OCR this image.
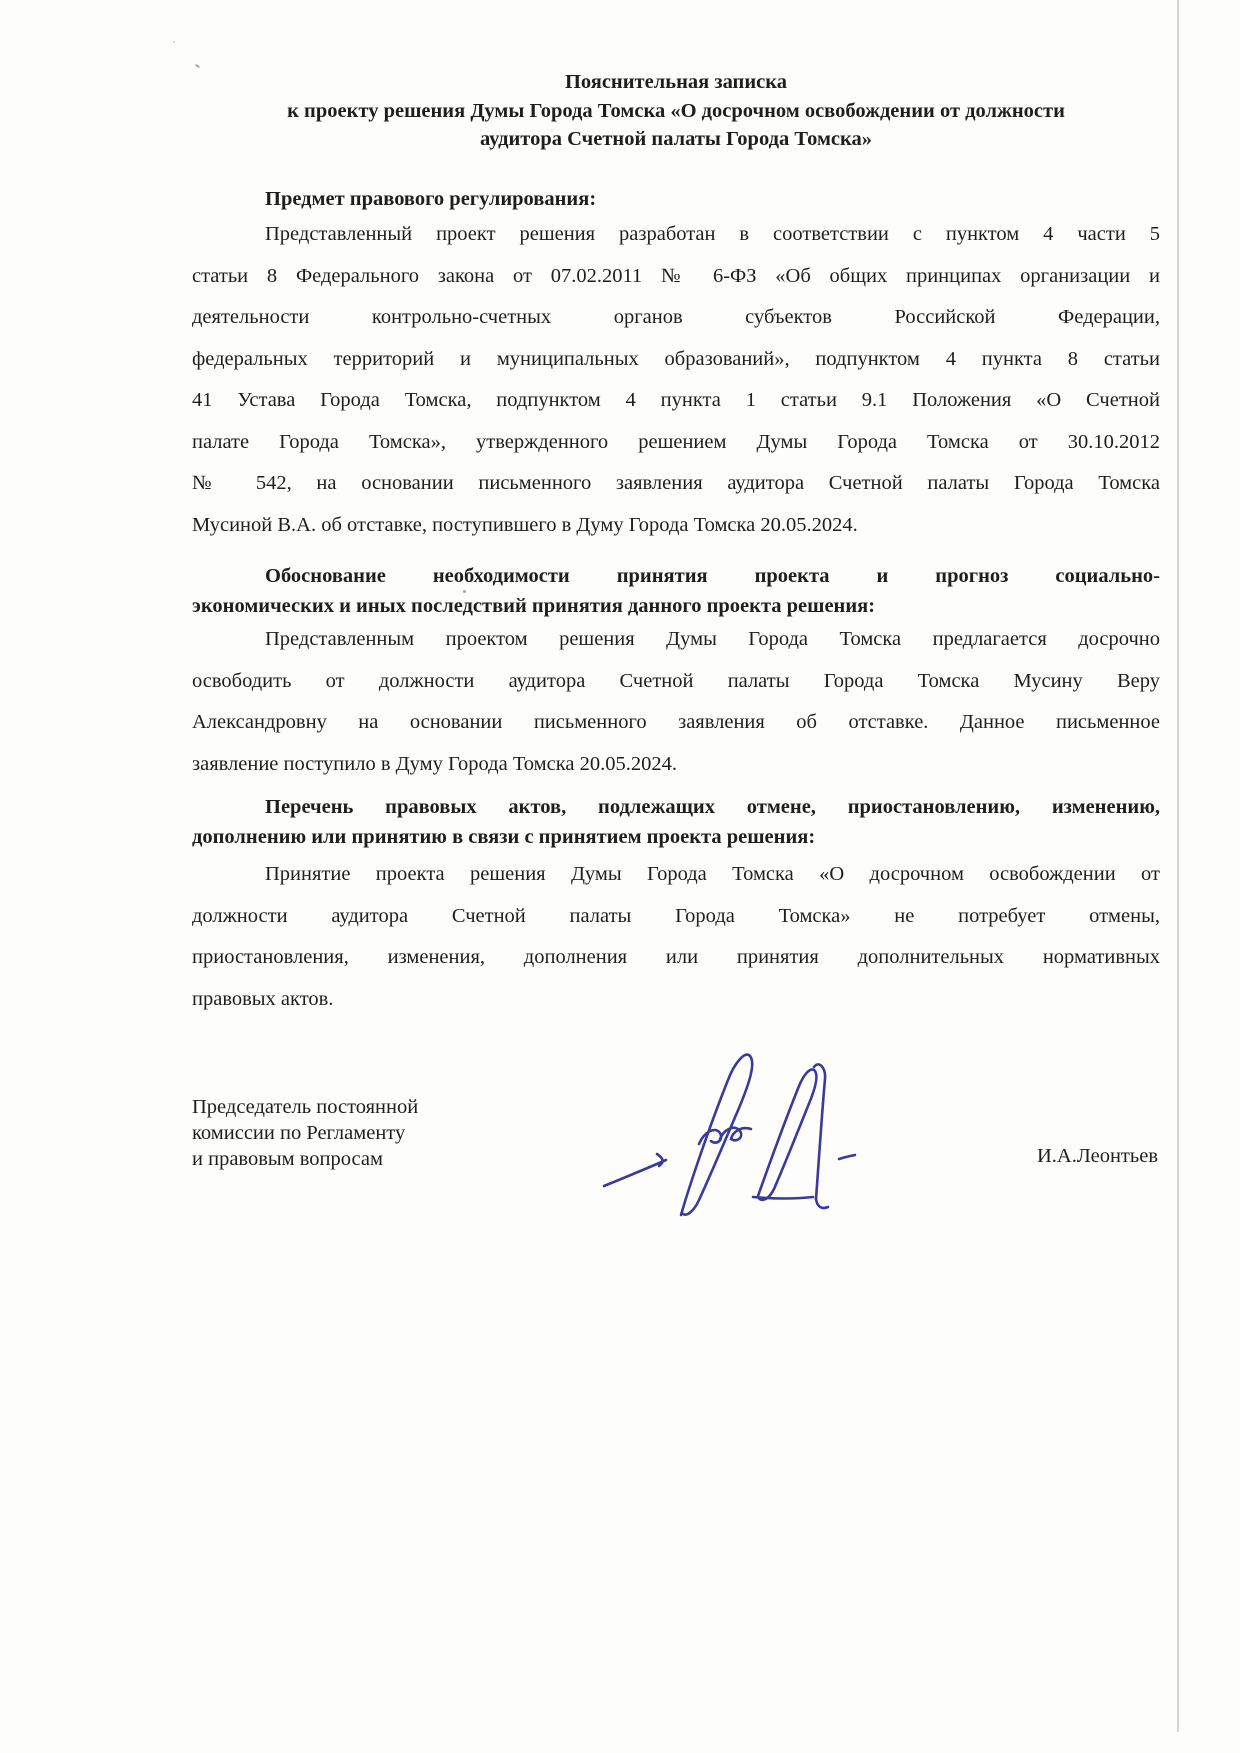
Пояснительная записка
к проекту решения Думы Города Томска «О досрочном освобождении от должности
аудитора Счетной палаты Города Томска»
Предмет правового регулирования:
Представленный проект решения разработан в соответствии с пунктом 4 части 5
статьи 8 Федерального закона от 07.02.2011 № 6-ФЗ «Об общих принципах организации и
деятельности контрольно-счетных органов субъектов Российской Федерации,
федеральных территорий и муниципальных образований», подпунктом 4 пункта 8 статьи
41 Устава Города Томска, подпунктом 4 пункта 1 статьи 9.1 Положения «О Счетной
палате Города Томска», утвержденного решением Думы Города Томска от 30.10.2012
№ 542, на основании письменного заявления аудитора Счетной палаты Города Томска
Мусиной В.А. об отставке, поступившего в Думу Города Томска 20.05.2024.
Обоснование необходимости принятия проекта и прогноз социально-
экономических и иных последствий принятия данного проекта решения:
Представленным проектом решения Думы Города Томска предлагается досрочно
освободить от должности аудитора Счетной палаты Города Томска Мусину Веру
Александровну на основании письменного заявления об отставке. Данное письменное
заявление поступило в Думу Города Томска 20.05.2024.
Перечень правовых актов, подлежащих отмене, приостановлению, изменению,
дополнению или принятию в связи с принятием проекта решения:
Принятие проекта решения Думы Города Томска «О досрочном освобождении от
должности аудитора Счетной палаты Города Томска» не потребует отмены,
приостановления, изменения, дополнения или принятия дополнительных нормативных
правовых актов.
Председатель постоянной
комиссии по Регламенту
и правовым вопросам	И.А.Леонтьев
